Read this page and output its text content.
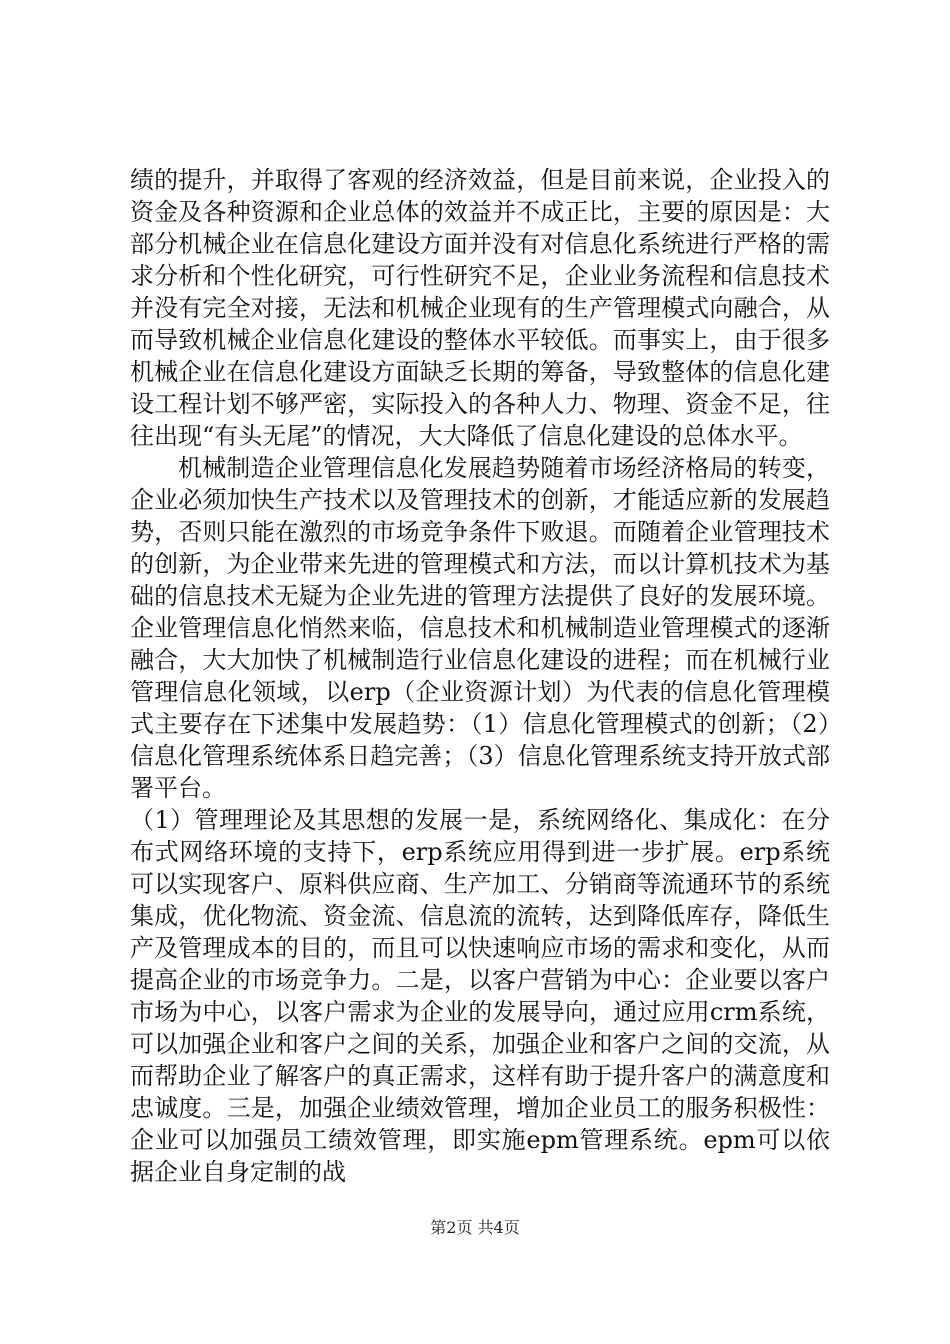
绩的提升，并取得了客观的经济效益，但是目前来说，企业投入的资金及各种资源和企业总体的效益并不成正比，主要的原因是：大部分机械企业在信息化建设方面并没有对信息化系统进行严格的需求分析和个性化研究，可行性研究不足，企业业务流程和信息技术并没有完全对接，无法和机械企业现有的生产管理模式向融合，从而导致机械企业信息化建设的整体水平较低。而事实上，由于很多机械企业在信息化建设方面缺乏长期的筹备，导致整体的信息化建设工程计划不够严密，实际投入的各种人力、物理、资金不足，往往出现“有头无尾”的情况，大大降低了信息化建设的总体水平。

机械制造企业管理信息化发展趋势随着市场经济格局的转变，企业必须加快生产技术以及管理技术的创新，才能适应新的发展趋势，否则只能在激烈的市场竞争条件下败退。而随着企业管理技术的创新，为企业带来先进的管理模式和方法，而以计算机技术为基础的信息技术无疑为企业先进的管理方法提供了良好的发展环境。企业管理信息化悄然来临，信息技术和机械制造业管理模式的逐渐融合，大大加快了机械制造行业信息化建设的进程；而在机械行业管理信息化领域，以erp（企业资源计划）为代表的信息化管理模式主要存在下述集中发展趋势：（1）信息化管理模式的创新；（2）信息化管理系统体系日趋完善；（3）信息化管理系统支持开放式部署平台。

（1）管理理论及其思想的发展一是，系统网络化、集成化：在分布式网络环境的支持下，erp系统应用得到进一步扩展。erp系统可以实现客户、原料供应商、生产加工、分销商等流通环节的系统集成，优化物流、资金流、信息流的流转，达到降低库存，降低生产及管理成本的目的，而且可以快速响应市场的需求和变化，从而提高企业的市场竞争力。二是，以客户营销为中心：企业要以客户市场为中心，以客户需求为企业的发展导向，通过应用crm系统，可以加强企业和客户之间的关系，加强企业和客户之间的交流，从而帮助企业了解客户的真正需求，这样有助于提升客户的满意度和忠诚度。三是，加强企业绩效管理，增加企业员工的服务积极性：企业可以加强员工绩效管理，即实施epm管理系统。epm可以依据企业自身定制的战

第2页 共4页
